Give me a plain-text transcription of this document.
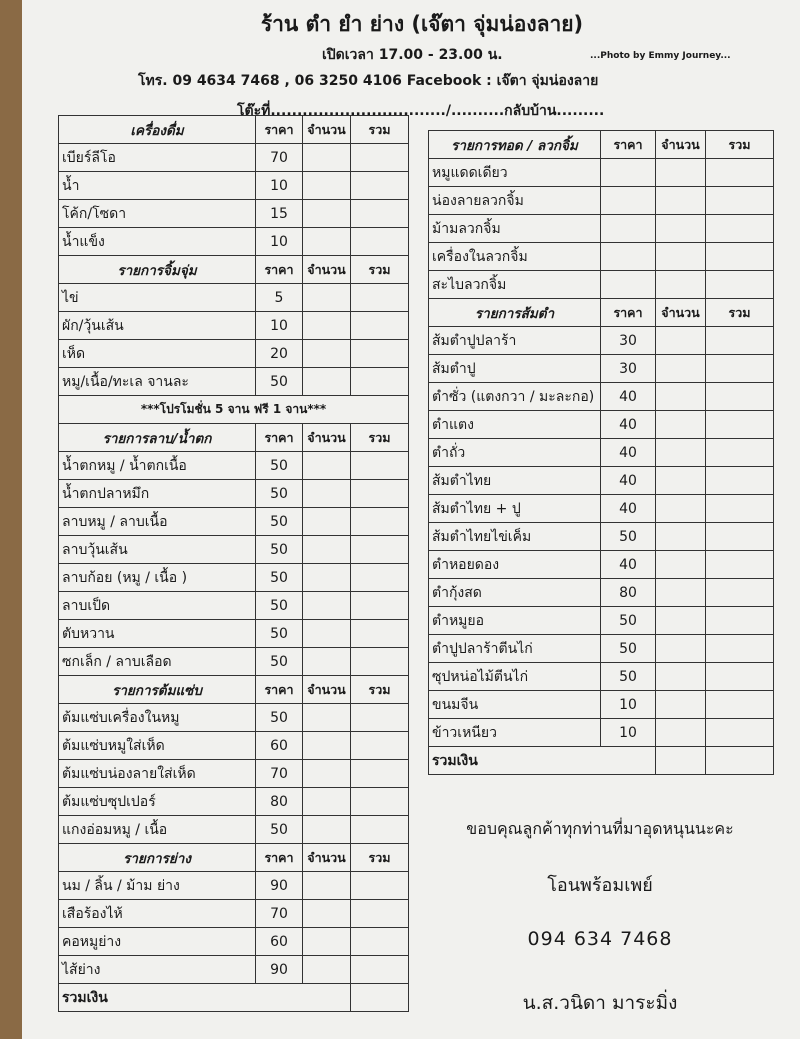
ร้าน ตำ ยำ ย่าง (เจ๊ตา จุ่มน่องลาย)
เปิดเวลา 17.00 - 23.00 น.	...Photo by Emmy Journey...
โทร. 09 4634 7468 , 06 3250 4106 Facebook : เจ๊ตา จุ่มน่องลาย
โต๊ะที่................................./..........กลับบ้าน.........
เครื่องดื่ม	ราคา	จำนวน	รวม
เบียร์ลีโอ	70		
น้ำ	10		
โค้ก/โซดา	15		
น้ำแข็ง	10		
รายการจิ้มจุ่ม	ราคา	จำนวน	รวม
ไข่	5		
ผัก/วุ้นเส้น	10		
เห็ด	20		
หมู/เนื้อ/ทะเล จานละ	50		
***โปรโมชั่น 5 จาน ฟรี 1 จาน***			
รายการลาบ/น้ำตก	ราคา	จำนวน	รวม
น้ำตกหมู / น้ำตกเนื้อ	50		
น้ำตกปลาหมึก	50		
ลาบหมู / ลาบเนื้อ	50		
ลาบวุ้นเส้น	50		
ลาบก้อย (หมู / เนื้อ )	50		
ลาบเป็ด	50		
ตับหวาน	50		
ซกเล็ก / ลาบเลือด	50		
รายการต้มแซ่บ	ราคา	จำนวน	รวม
ต้มแซ่บเครื่องในหมู	50		
ต้มแซ่บหมูใส่เห็ด	60		
ต้มแซ่บน่องลายใส่เห็ด	70		
ต้มแซ่บซุปเปอร์	80		
แกงอ่อมหมู / เนื้อ	50		
รายการย่าง	ราคา	จำนวน	รวม
นม / ลิ้น / ม้าม ย่าง	90		
เสือร้องไห้	70		
คอหมูย่าง	60		
ไส้ย่าง	90		
รวมเงิน			
รายการทอด / ลวกจิ้ม	ราคา	จำนวน	รวม
หมูแดดเดียว			
น่องลายลวกจิ้ม			
ม้ามลวกจิ้ม			
เครื่องในลวกจิ้ม			
สะไบลวกจิ้ม			
รายการส้มตำ	ราคา	จำนวน	รวม
ส้มตำปูปลาร้า	30		
ส้มตำปู	30		
ตำซั่ว (แตงกวา / มะละกอ)	40		
ตำแตง	40		
ตำถั่ว	40		
ส้มตำไทย	40		
ส้มตำไทย + ปู	40		
ส้มตำไทยไข่เค็ม	50		
ตำหอยดอง	40		
ตำกุ้งสด	80		
ตำหมูยอ	50		
ตำปูปลาร้าตีนไก่	50		
ซุปหน่อไม้ตีนไก่	50		
ขนมจีน	10		
ข้าวเหนียว	10		
รวมเงิน			
ขอบคุณลูกค้าทุกท่านที่มาอุดหนุนนะคะ
โอนพร้อมเพย์
094 634 7468
น.ส.วนิดา มาระมิ่ง
